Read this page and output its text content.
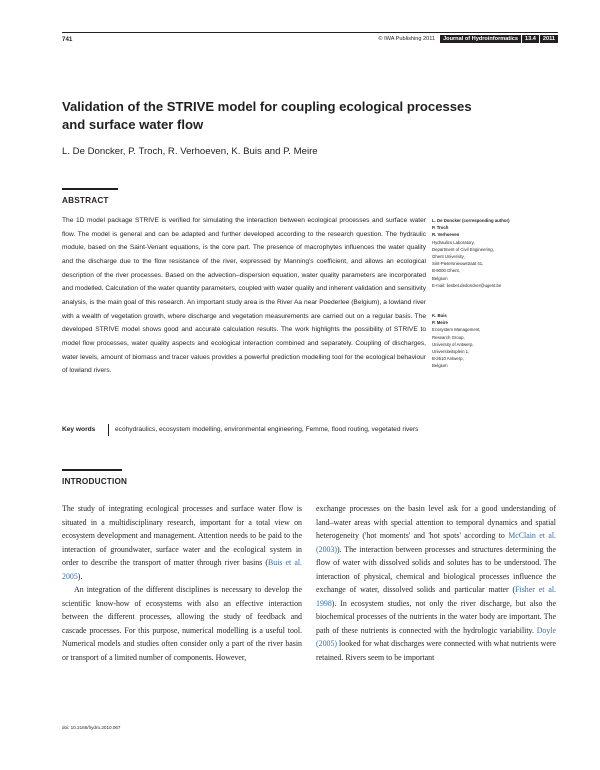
741	© IWA Publishing 2011	Journal of Hydroinformatics	13.4	2011
Validation of the STRIVE model for coupling ecological processes and surface water flow
L. De Doncker, P. Troch, R. Verhoeven, K. Buis and P. Meire
ABSTRACT
The 1D model package STRIVE is verified for simulating the interaction between ecological processes and surface water flow. The model is general and can be adapted and further developed according to the research question. The hydraulic module, based on the Saint-Venant equations, is the core part. The presence of macrophytes influences the water quality and the discharge due to the flow resistance of the river, expressed by Manning's coefficient, and allows an ecological description of the river processes. Based on the advection–dispersion equation, water quality parameters are incorporated and modelled. Calculation of the water quantity parameters, coupled with water quality and inherent validation and sensitivity analysis, is the main goal of this research. An important study area is the River Aa near Poederlee (Belgium), a lowland river with a wealth of vegetation growth, where discharge and vegetation measurements are carried out on a regular basis. The developed STRIVE model shows good and accurate calculation results. The work highlights the possibility of STRIVE to model flow processes, water quality aspects and ecological interaction combined and separately. Coupling of discharges, water levels, amount of biomass and tracer values provides a powerful prediction modelling tool for the ecological behaviour of lowland rivers.
Key words	ecohydraulics, ecosystem modelling, environmental engineering, Femme, flood routing, vegetated rivers
L. De Doncker (corresponding author)
P. Troch
R. Verhoeven
Hydraulics Laboratory,
Department of Civil Engineering,
Ghent University,
Sint-Pietersnieuwstraat 41,
B-9000 Ghent,
Belgium
E-mail: liesbet.dedoncker@ugent.be
K. Buis
P. Meire
Ecosystem Management,
Research Group,
University of Antwerp,
Universiteitsplein 1,
B-2610 Antwerp,
Belgium
INTRODUCTION

The study of integrating ecological processes and surface water flow is situated in a multidisciplinary research, important for a total view on ecosystem development and management. Attention needs to be paid to the interaction of groundwater, surface water and the ecological system in order to describe the transport of matter through river basins (Buis et al. 2005).

An integration of the different disciplines is necessary to develop the scientific know-how of ecosystems with also an effective interaction between the different processes, allowing the study of feedback and cascade processes. For this purpose, numerical modelling is a useful tool. Numerical models and studies often consider only a part of the river basin or transport of a limited number of components. However,

exchange processes on the basin level ask for a good understanding of land–water areas with special attention to temporal dynamics and spatial heterogeneity ('hot moments' and 'hot spots' according to McClain et al. (2003)). The interaction between processes and structures determining the flow of water with dissolved solids and solutes has to be understood. The interaction of physical, chemical and biological processes influence the exchange of water, dissolved solids and particular matter (Fisher et al. 1998). In ecosystem studies, not only the river discharge, but also the biochemical processes of the nutrients in the water body are important. The path of these nutrients is connected with the hydrologic variability. Doyle (2005) looked for what discharges were connected with what nutrients were retained. Rivers seem to be important

doi: 10.2166/hydro.2010.067
